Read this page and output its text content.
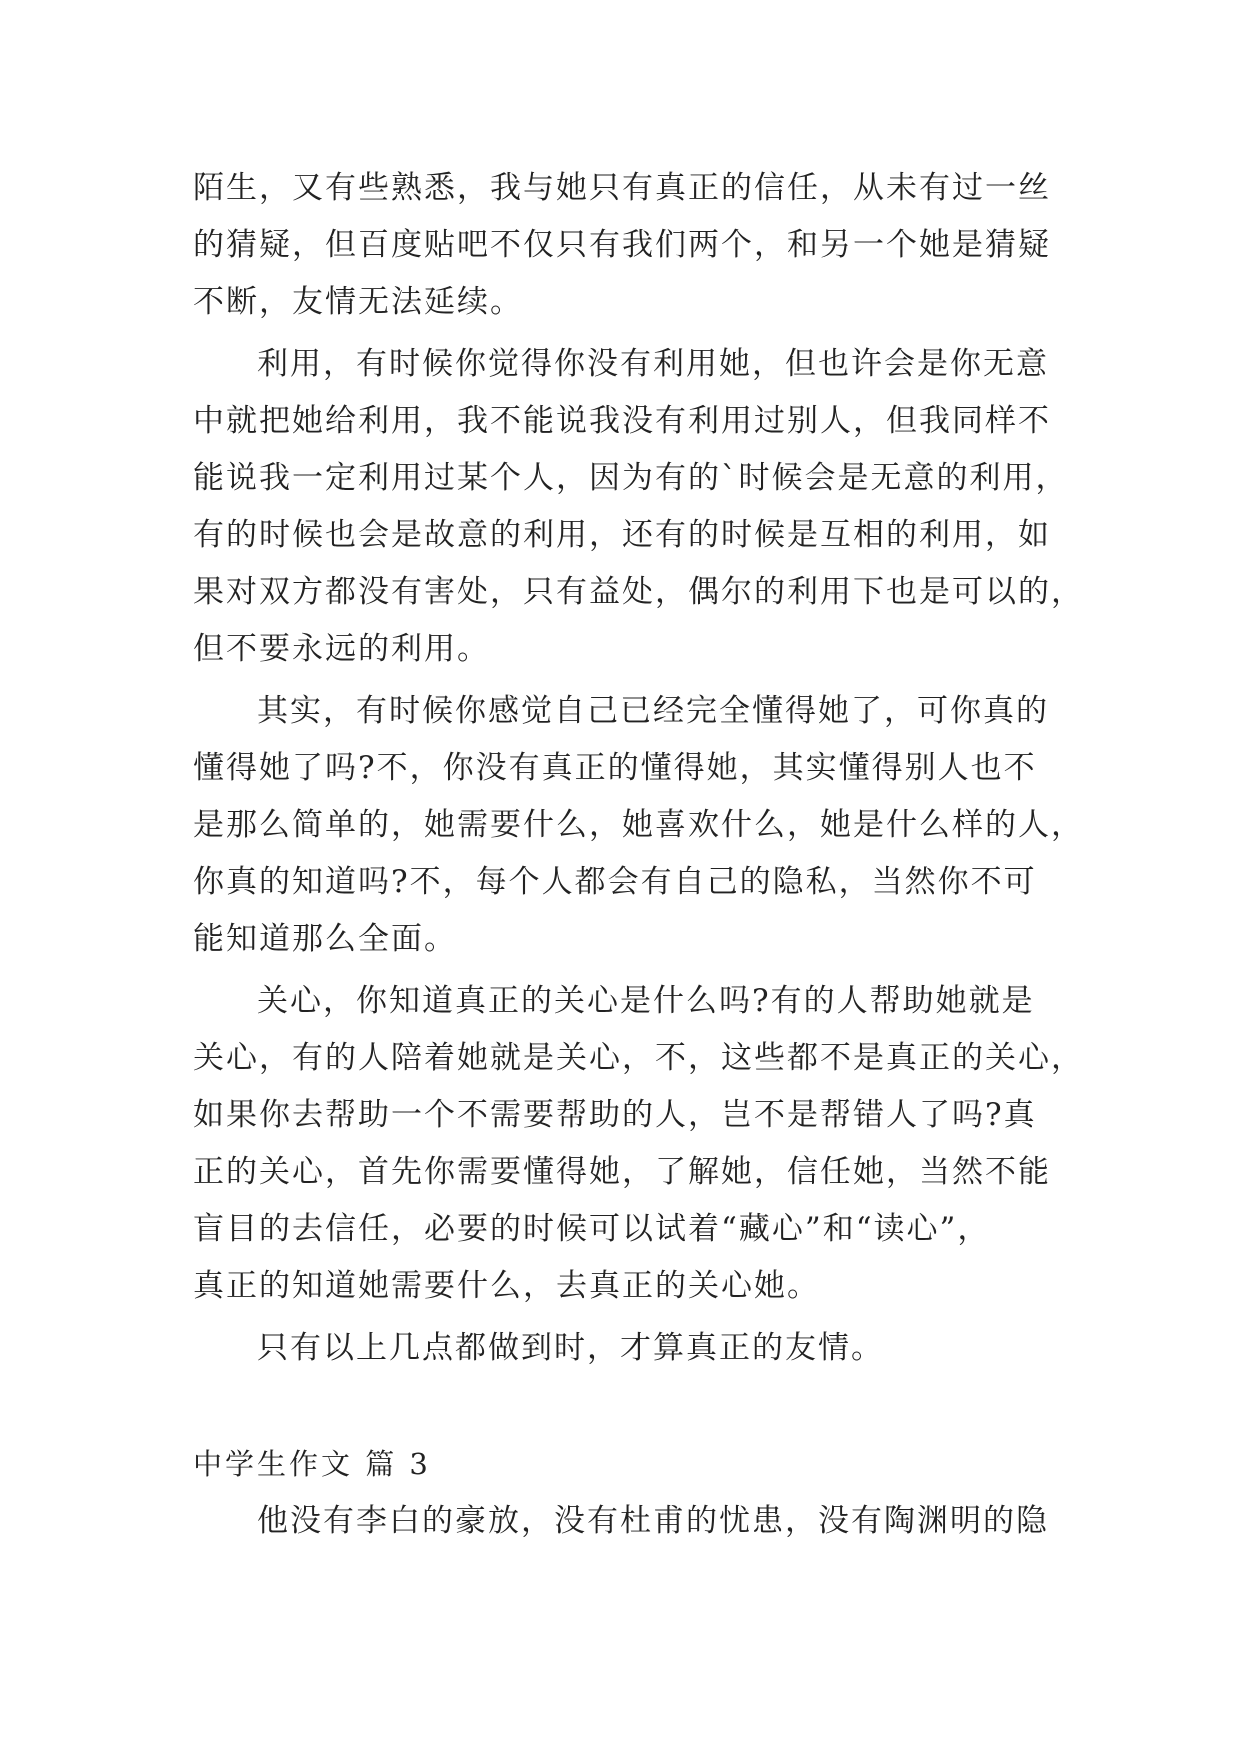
陌生，又有些熟悉，我与她只有真正的信任，从未有过一丝
的猜疑，但百度贴吧不仅只有我们两个，和另一个她是猜疑
不断，友情无法延续。
利用，有时候你觉得你没有利用她，但也许会是你无意
中就把她给利用，我不能说我没有利用过别人，但我同样不
能说我一定利用过某个人，因为有的`时候会是无意的利用，
有的时候也会是故意的利用，还有的时候是互相的利用，如
果对双方都没有害处，只有益处，偶尔的利用下也是可以的，
但不要永远的利用。
其实，有时候你感觉自己已经完全懂得她了，可你真的
懂得她了吗?不，你没有真正的懂得她，其实懂得别人也不
是那么简单的，她需要什么，她喜欢什么，她是什么样的人，
你真的知道吗?不，每个人都会有自己的隐私，当然你不可
能知道那么全面。
关心，你知道真正的关心是什么吗?有的人帮助她就是
关心，有的人陪着她就是关心，不，这些都不是真正的关心，
如果你去帮助一个不需要帮助的人，岂不是帮错人了吗?真
正的关心，首先你需要懂得她，了解她，信任她，当然不能
盲目的去信任，必要的时候可以试着“藏心”和“读心”，
真正的知道她需要什么，去真正的关心她。
只有以上几点都做到时，才算真正的友情。
中学生作文 篇 3
他没有李白的豪放，没有杜甫的忧患，没有陶渊明的隐
